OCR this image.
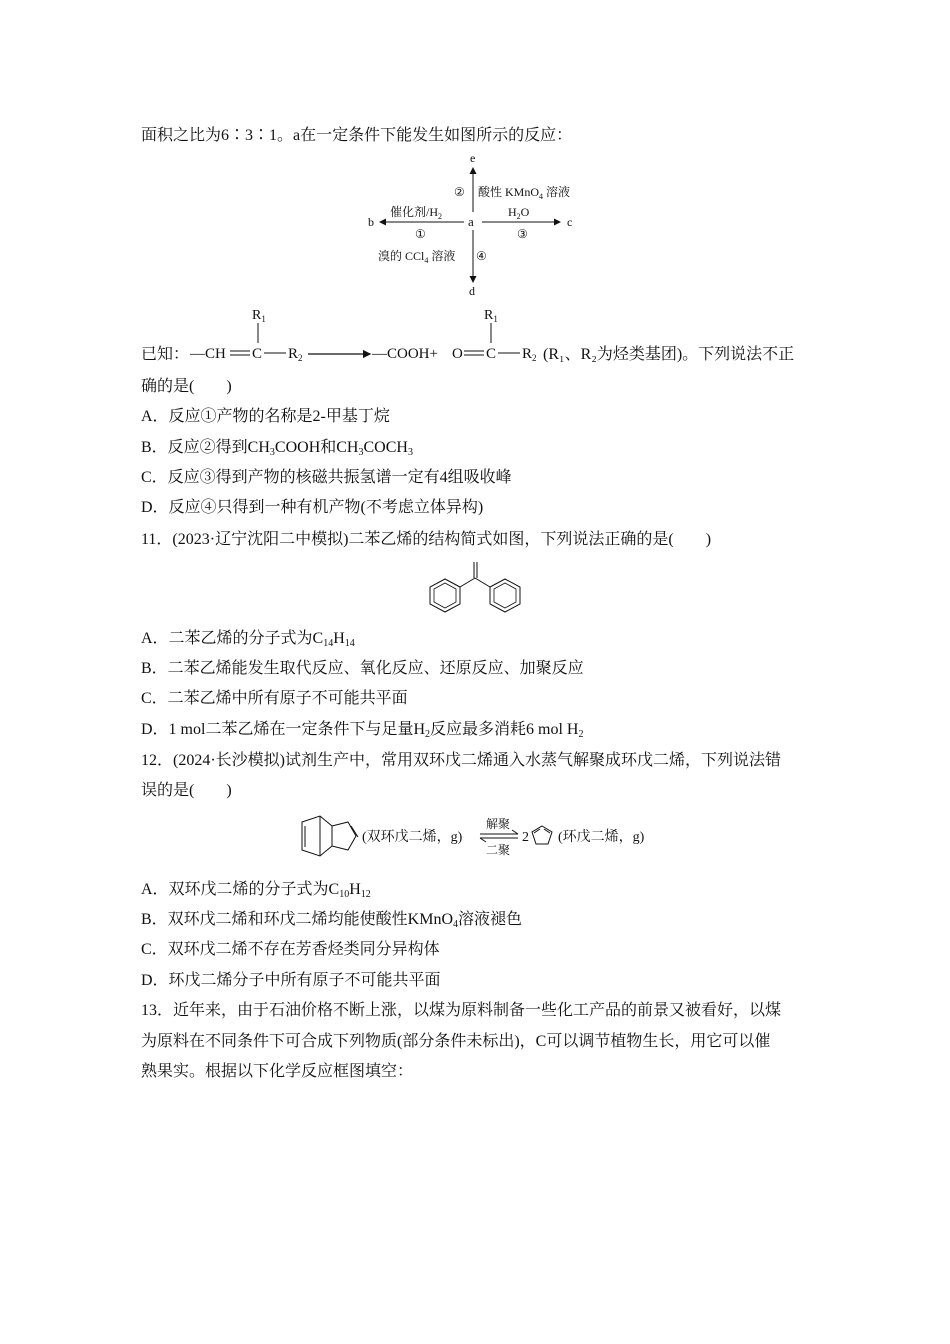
面积之比为6∶3∶1。a在一定条件下能发生如图所示的反应：
e
② 酸性 KMnO$_4$ 溶液
a
b
催化剂$/H_2$
①
c
$H_2O$
③
溴的 CCl$_4$ 溶液 ④
d
已知：
$R_1$
—CH C $R_2$	—COOH+ O C
$R_1$
$R_2$ (R₁、R₂为烃类基团)。下列说法不正
确的是(　　)
A．反应①产物的名称是2-甲基丁烷
B．反应②得到$CH_3COOH$和$CH_3COCH_3$
C．反应③得到产物的核磁共振氢谱一定有4组吸收峰
D．反应④只得到一种有机产物(不考虑立体异构)
11．(2023·辽宁沈阳二中模拟)二苯乙烯的结构简式如图，下列说法正确的是(　　)
A．二苯乙烯的分子式为$C_{14}H_{14}$
B．二苯乙烯能发生取代反应、氧化反应、还原反应、加聚反应
C．二苯乙烯中所有原子不可能共平面
D．1 mol二苯乙烯在一定条件下与足量$H_2$反应最多消耗6 mol $H_2$
12．(2024·长沙模拟)试剂生产中，常用双环戊二烯通入水蒸气解聚成环戊二烯，下列说法错
误的是(　　)
(双环戊二烯，g)
解聚
二聚
2 (环戊二烯，g)
A．双环戊二烯的分子式为$C_{10}H_{12}$
B．双环戊二烯和环戊二烯均能使酸性KMnO$_4$溶液褪色
C．双环戊二烯不存在芳香烃类同分异构体
D．环戊二烯分子中所有原子不可能共平面
13．近年来，由于石油价格不断上涨，以煤为原料制备一些化工产品的前景又被看好，以煤
为原料在不同条件下可合成下列物质(部分条件未标出)，C可以调节植物生长，用它可以催
熟果实。根据以下化学反应框图填空：
